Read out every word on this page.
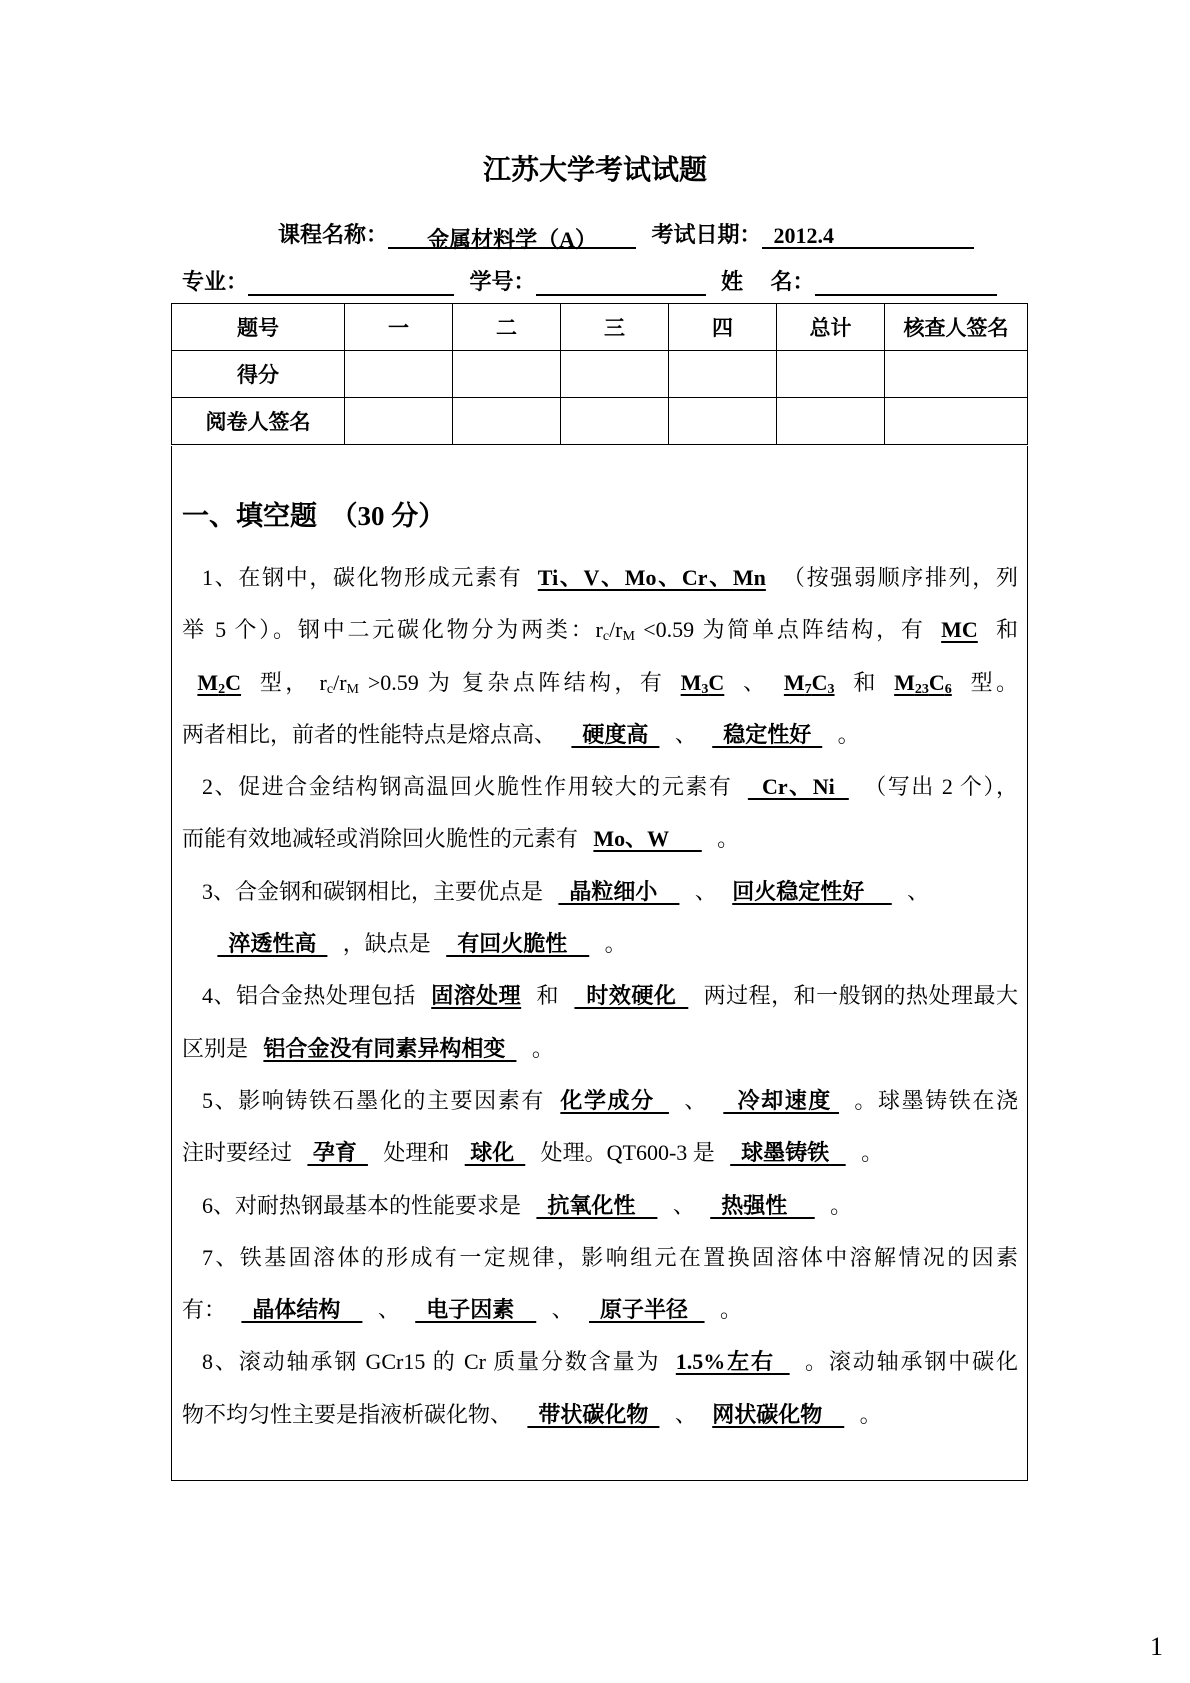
江苏大学考试试题
课程名称： 金属材料学（A） 考试日期： 2012.4
专业：	学号：	姓　 名：
题号	一	二	三	四	总计	核查人签名
得分						
阅卷人签名						
一、填空题　（30 分）
1、在钢中，碳化物形成元素有 Ti、V、Mo、Cr、Mn （按强弱顺序排列，列
举 5 个）。钢中二元碳化物分为两类：$r_c/r_M <0.59$ 为简单点阵结构，有 MC 和
$M_2C$ 型， $r_c/r_M >0.59$ 为 复杂点阵结构，有 $M_3C$ 、 $M_7C_3$ 和 $M_{23}C_6$ 型。
两者相比，前者的性能特点是熔点高、  硬度高  、  稳定性好  。
2、促进合金结构钢高温回火脆性作用较大的元素有  Cr、Ni  （写出 2 个），
而能有效地减轻或消除回火脆性的元素有 Mo、W      。
3、合金钢和碳钢相比，主要优点是  晶粒细小    、 回火稳定性好     、
淬透性高  ，缺点是  有回火脆性    。
4、铝合金热处理包括 固溶处理 和  时效硬化  两过程，和一般钢的热处理最大
区别是 铝合金没有同素异构相变  。
5、影响铸铁石墨化的主要因素有 化学成分  、  冷却速度 。球墨铸铁在浇
注时要经过 孕育  处理和 球化  处理。QT600-3 是  球墨铸铁   。
6、对耐热钢最基本的性能要求是  抗氧化性    、  热强性     。
7、铁基固溶体的形成有一定规律，影响组元在置换固溶体中溶解情况的因素
有：  晶体结构    、  电子因素    、  原子半径   。
8、滚动轴承钢 GCr15 的 Cr 质量分数含量为 1.5%左右  。滚动轴承钢中碳化
物不均匀性主要是指液析碳化物、  带状碳化物  、 网状碳化物    。
1
